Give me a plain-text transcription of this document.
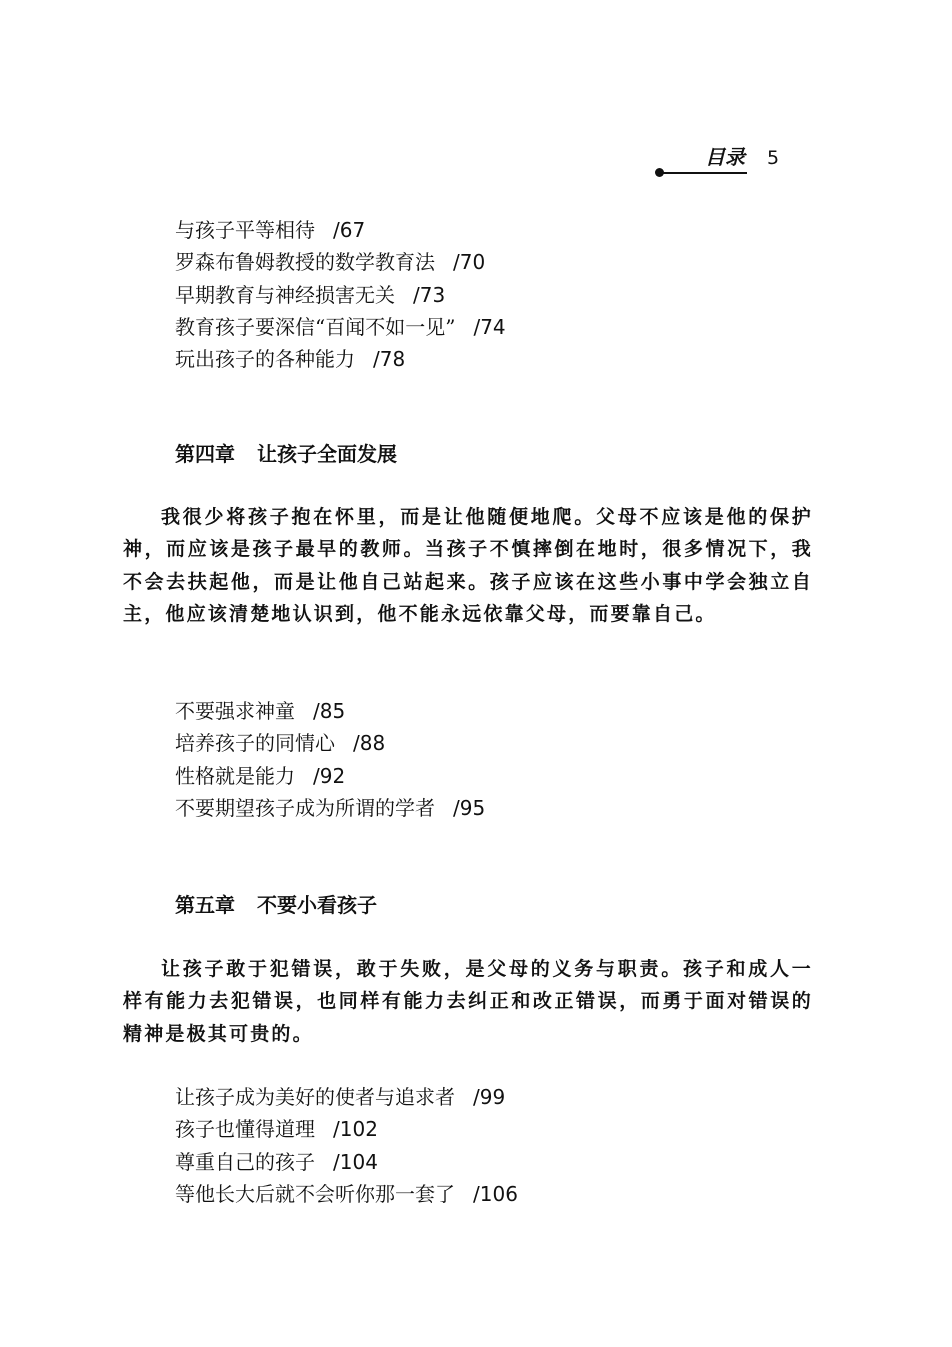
目录 5
与孩子平等相待 /67
罗森布鲁姆教授的数学教育法 /70
早期教育与神经损害无关 /73
教育孩子要深信“百闻不如一见” /74
玩出孩子的各种能力 /78
第四章 让孩子全面发展

我很少将孩子抱在怀里，而是让他随便地爬。父母不应该是他的保护神，而应该是孩子最早的教师。当孩子不慎摔倒在地时，很多情况下，我不会去扶起他，而是让他自己站起来。孩子应该在这些小事中学会独立自主，他应该清楚地认识到，他不能永远依靠父母，而要靠自己。

不要强求神童 /85
培养孩子的同情心 /88
性格就是能力 /92
不要期望孩子成为所谓的学者 /95
第五章 不要小看孩子

让孩子敢于犯错误，敢于失败，是父母的义务与职责。孩子和成人一样有能力去犯错误，也同样有能力去纠正和改正错误，而勇于面对错误的精神是极其可贵的。

让孩子成为美好的使者与追求者 /99
孩子也懂得道理 /102
尊重自己的孩子 /104
等他长大后就不会听你那一套了 /106
